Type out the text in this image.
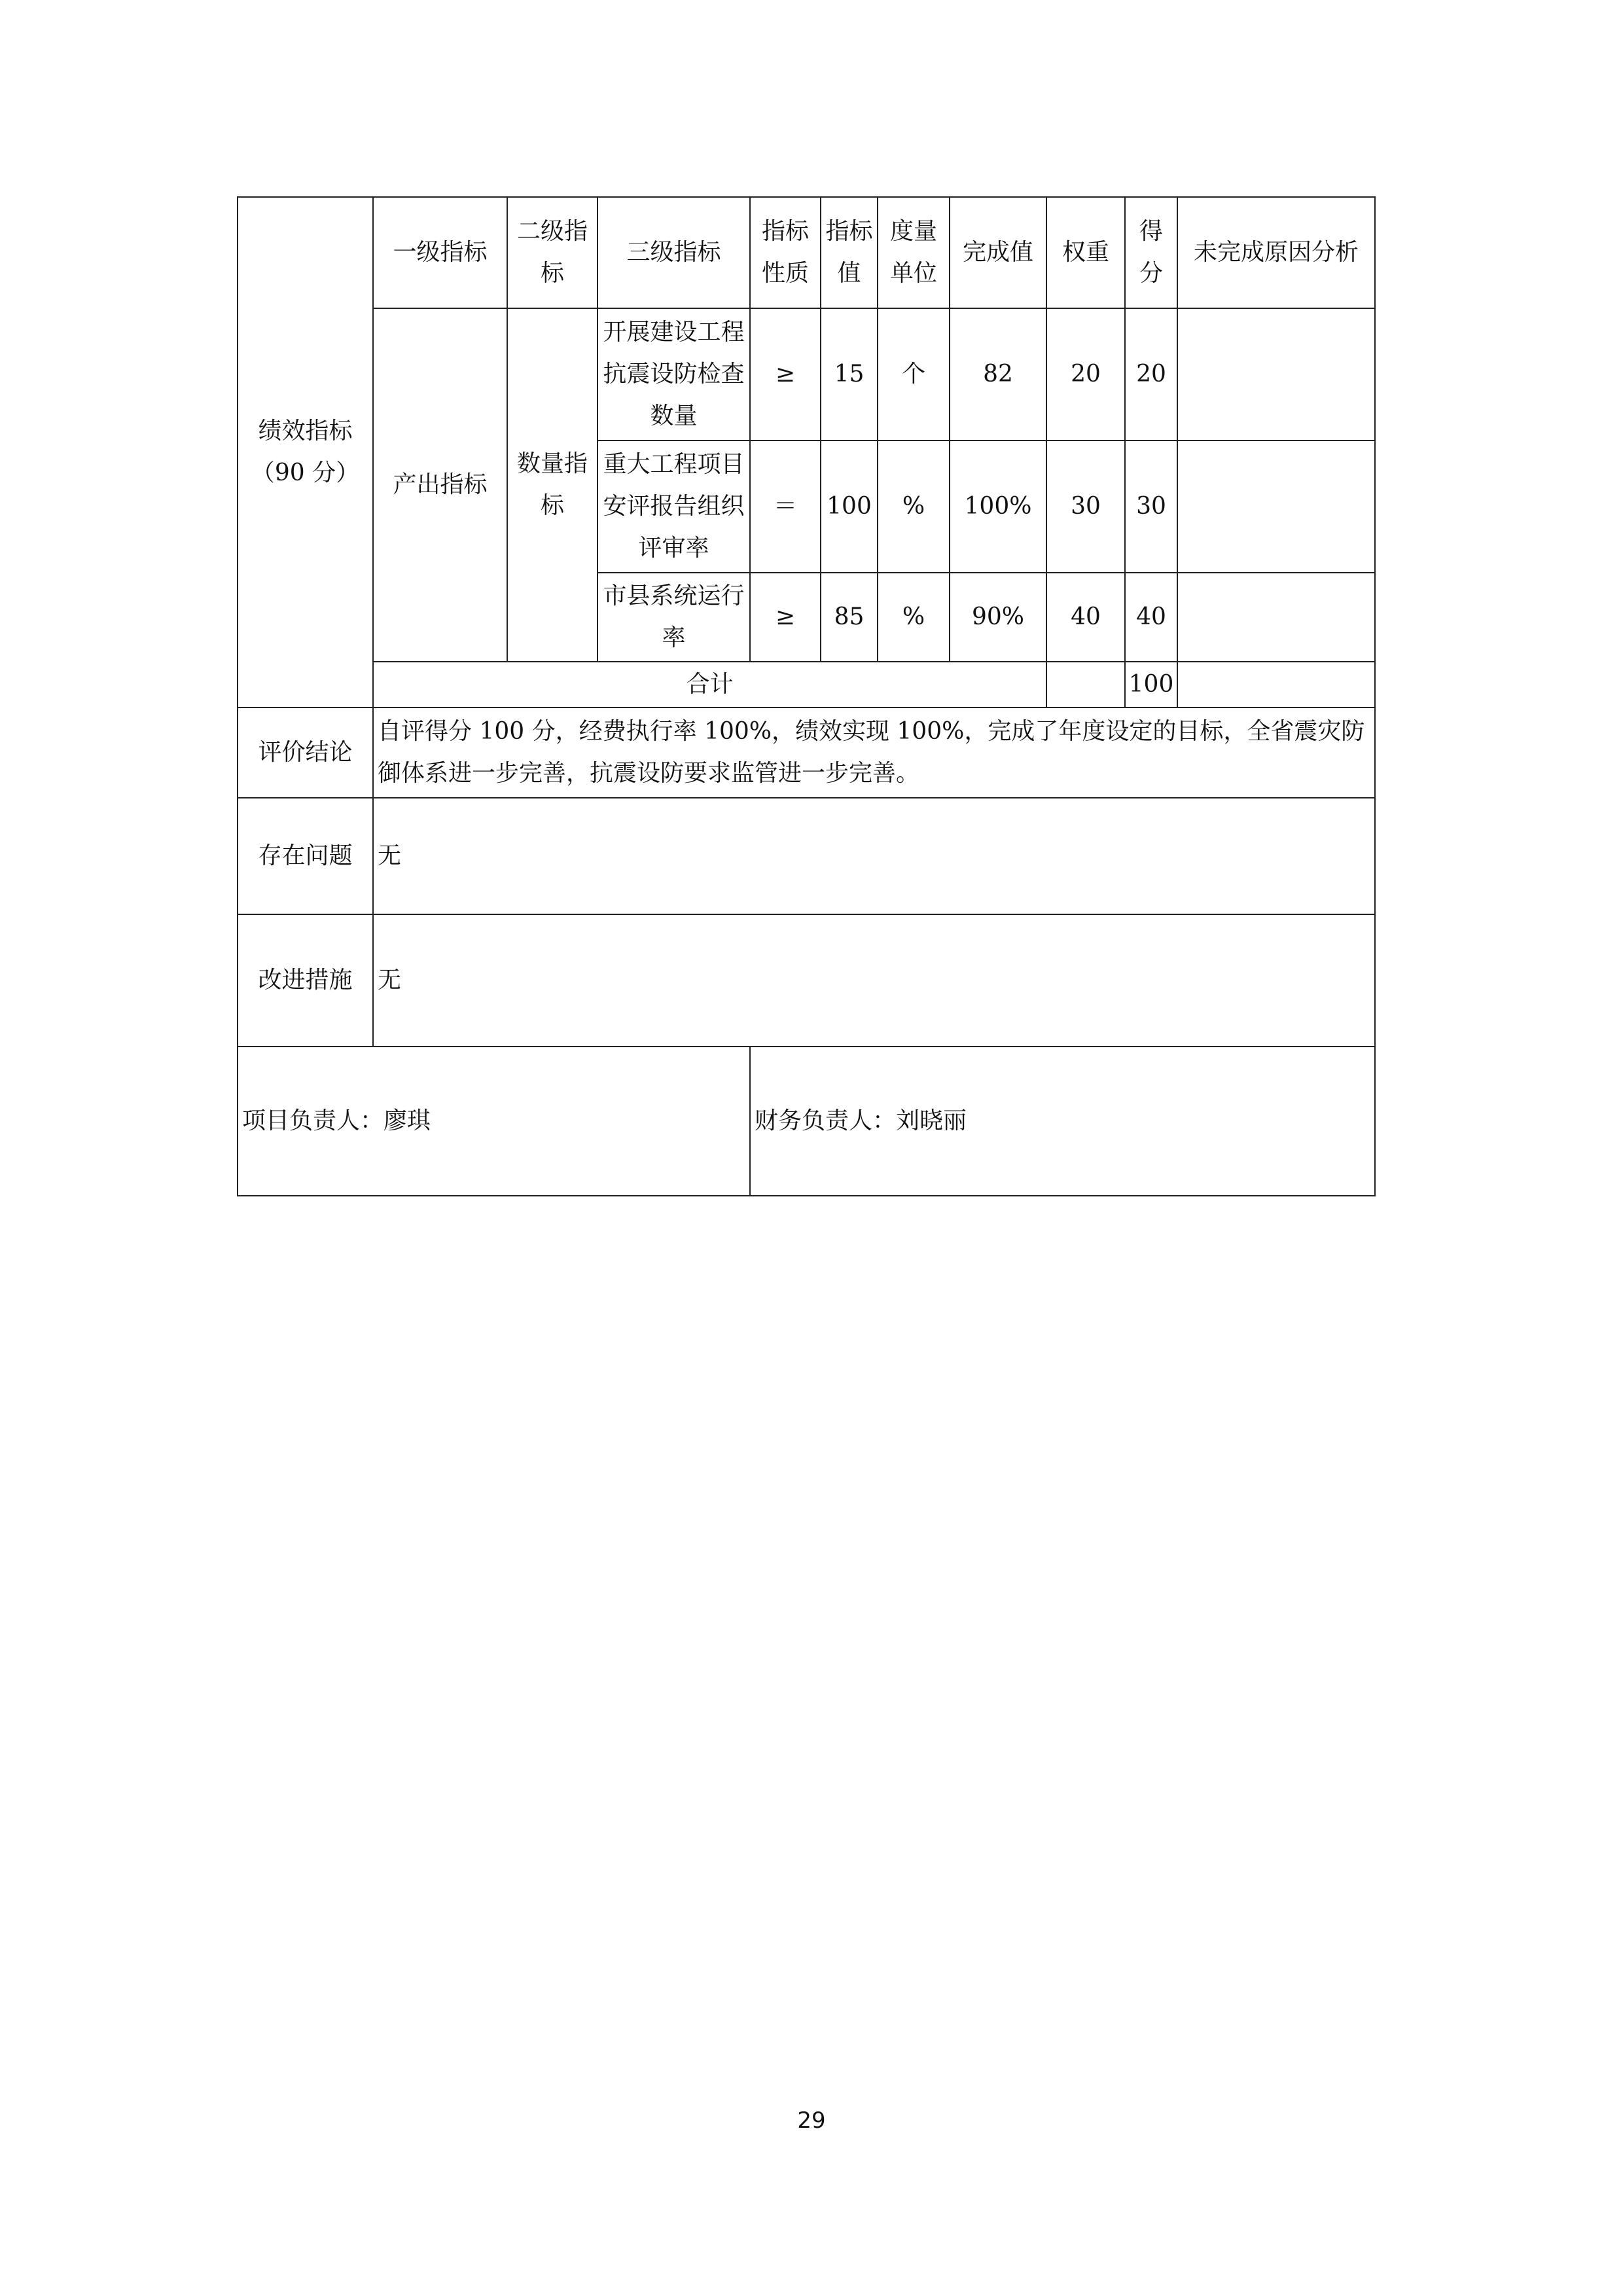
绩效指标
（90 分）	一级指标	二级指标	三级指标	指标性质	指标值	度量单位	完成值	权重	得分	未完成原因分析
	产出指标	数量指标	开展建设工程抗震设防检查数量	≥	15	个	82	20	20	
			重大工程项目安评报告组织评审率	＝	100	%	100%	30	30	
			市县系统运行率	≥	85	%	90%	40	40	
	合计								100	
评价结论	自评得分 100 分，经费执行率 100%，绩效实现 100%，完成了年度设定的目标，全省震灾防御体系进一步完善，抗震设防要求监管进一步完善。									
存在问题	无									
改进措施	无									
项目负责人：廖琪				财务负责人：刘晓丽						
29
